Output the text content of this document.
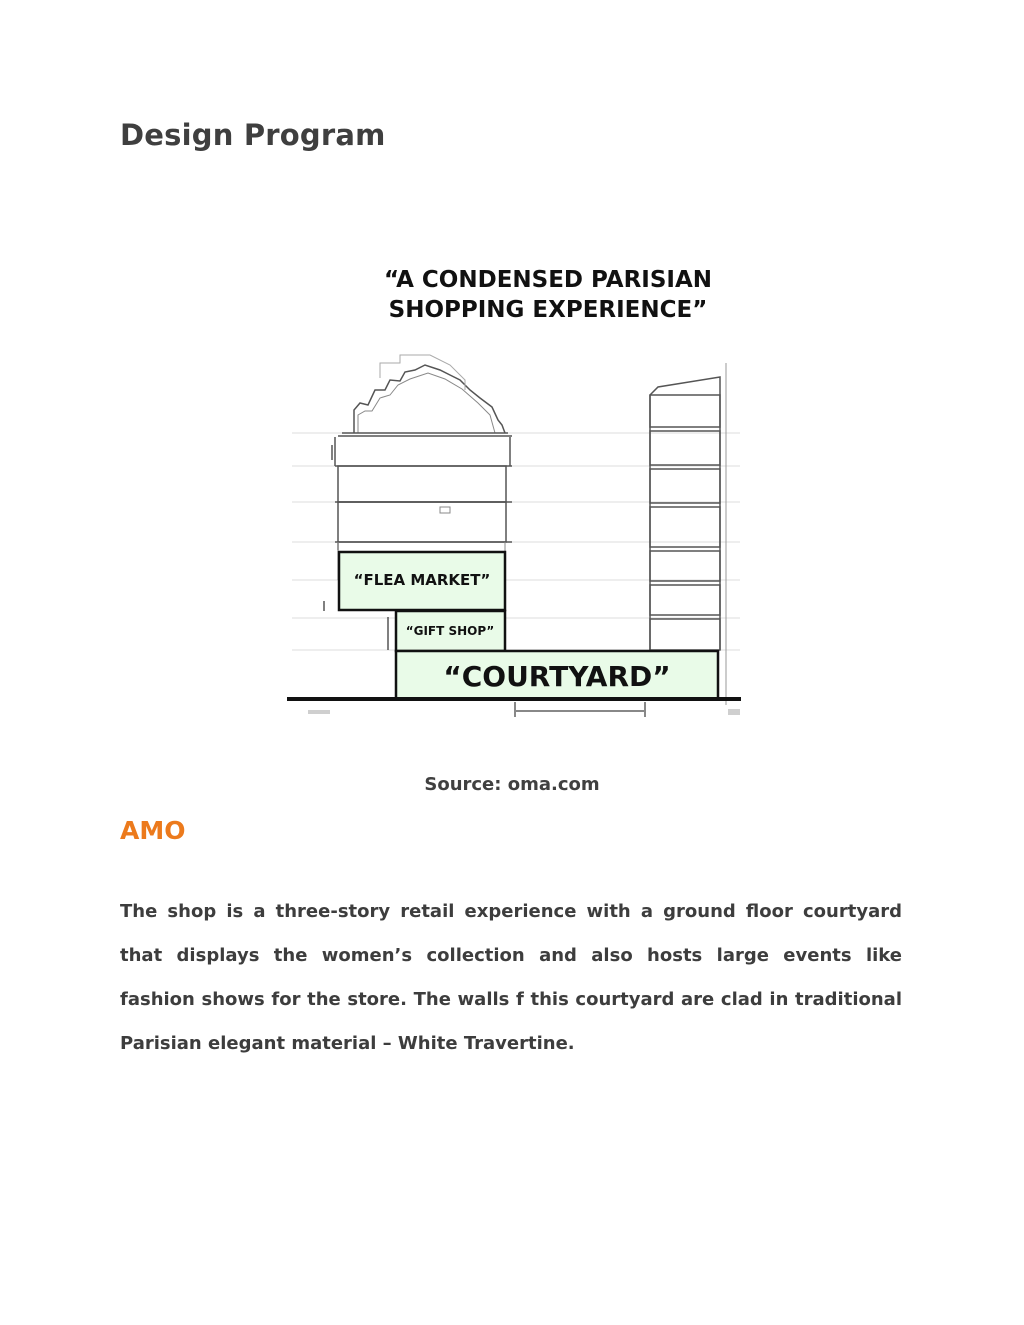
Design Program
“A CONDENSED PARISIAN
SHOPPING EXPERIENCE”
“FLEA MARKET”
“GIFT SHOP”
“COURTYARD”

Source: oma.com

AMO

The shop is a three-story retail experience with a ground floor courtyard that displays the women’s collection and also hosts large events like fashion shows for the store. The walls f this courtyard are clad in traditional Parisian elegant material – White Travertine.
